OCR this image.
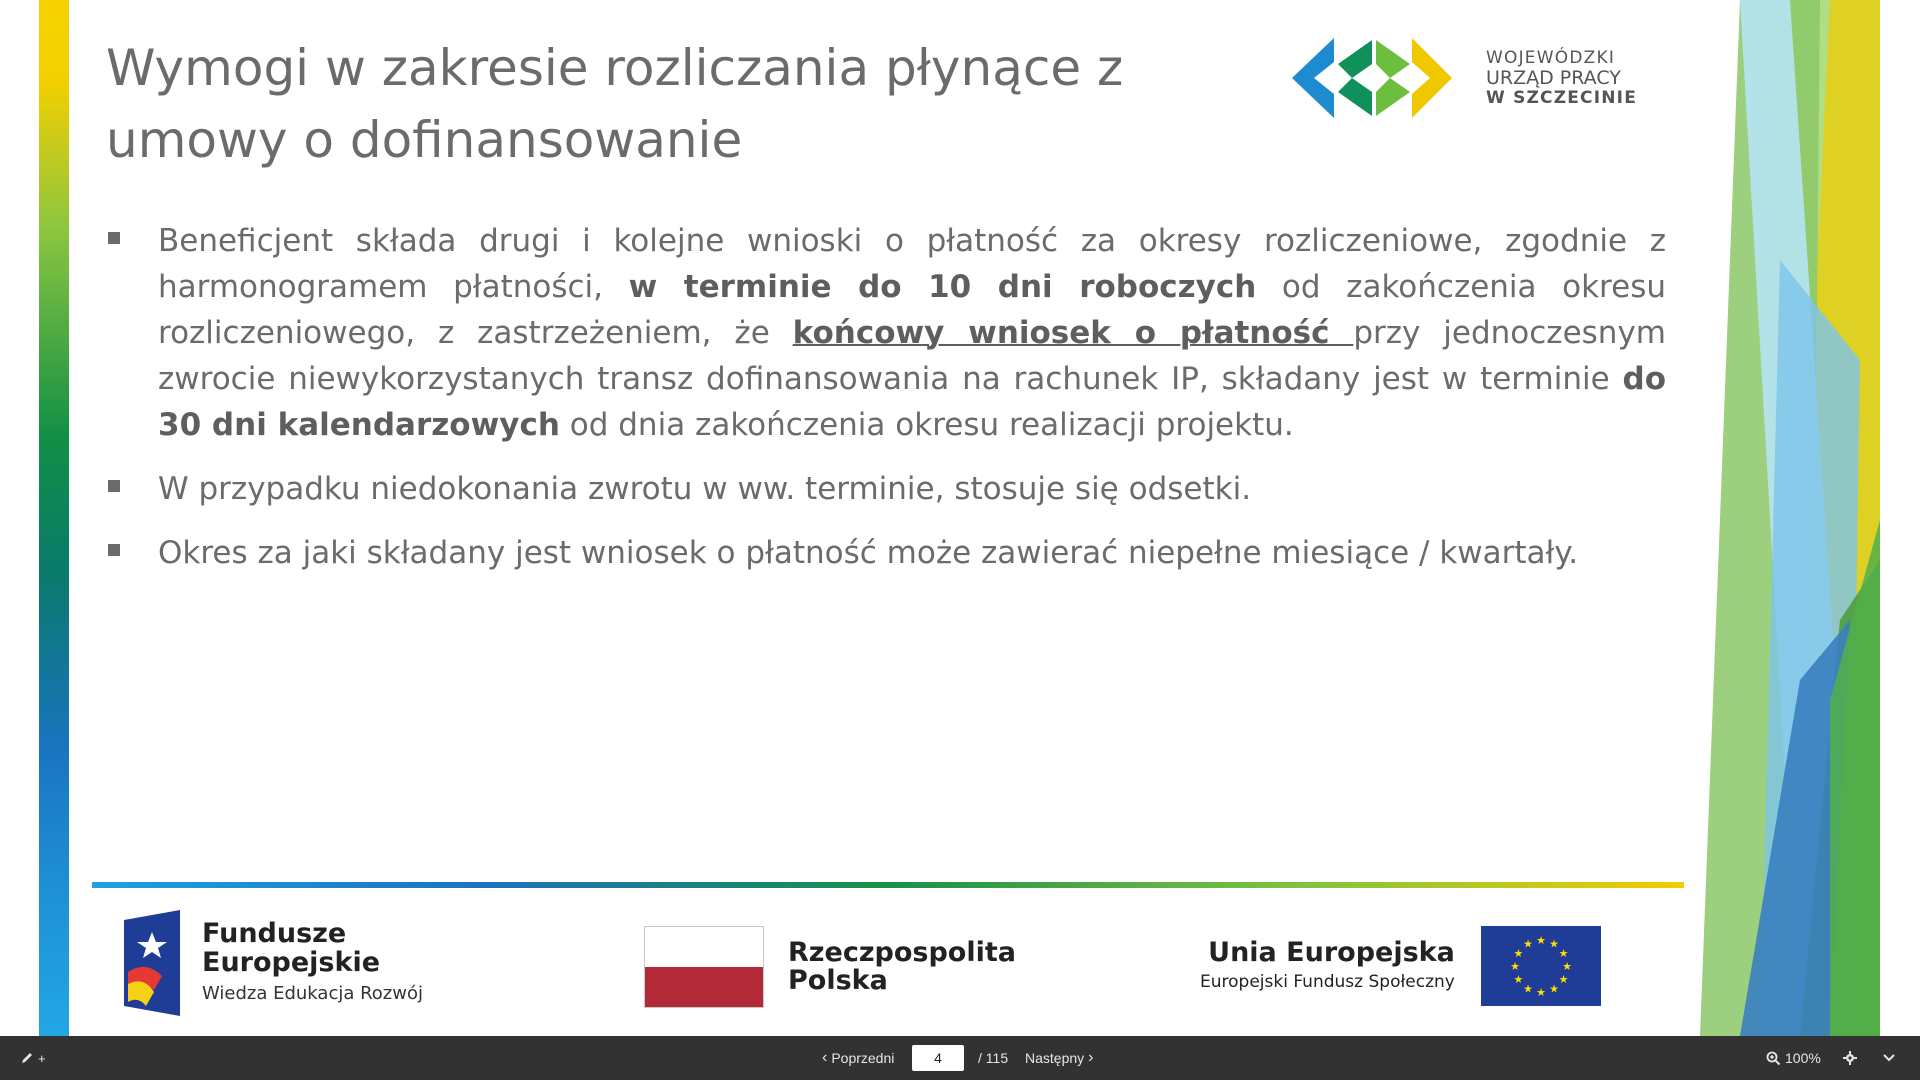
Wymogi w zakresie rozliczania płynące z umowy o dofinansowanie
WOJEWÓDZKI
URZĄD PRACY
W SZCZECINIE

Beneficjent składa drugi i kolejne wnioski o płatność za okresy rozliczeniowe, zgodnie z harmonogramem płatności, w terminie do 10 dni roboczych od zakończenia okresu rozliczeniowego, z zastrzeżeniem, że końcowy wniosek o płatność przy jednoczesnym zwrocie niewykorzystanych transz dofinansowania na rachunek IP, składany jest w terminie do 30 dni kalendarzowych od dnia zakończenia okresu realizacji projektu.

W przypadku niedokonania zwrotu w ww. terminie, stosuje się odsetki.

Okres za jaki składany jest wniosek o płatność może zawierać niepełne miesiące / kwartały.

Fundusze
Europejskie
Wiedza Edukacja Rozwój
Rzeczpospolita
Polska
Unia Europejska
Europejski Fundusz Społeczny
★
★
★
★
★
★
★
★
★ ★ ★
★
+	‹ Poprzedni
4	/ 115 Następny ›	100%
